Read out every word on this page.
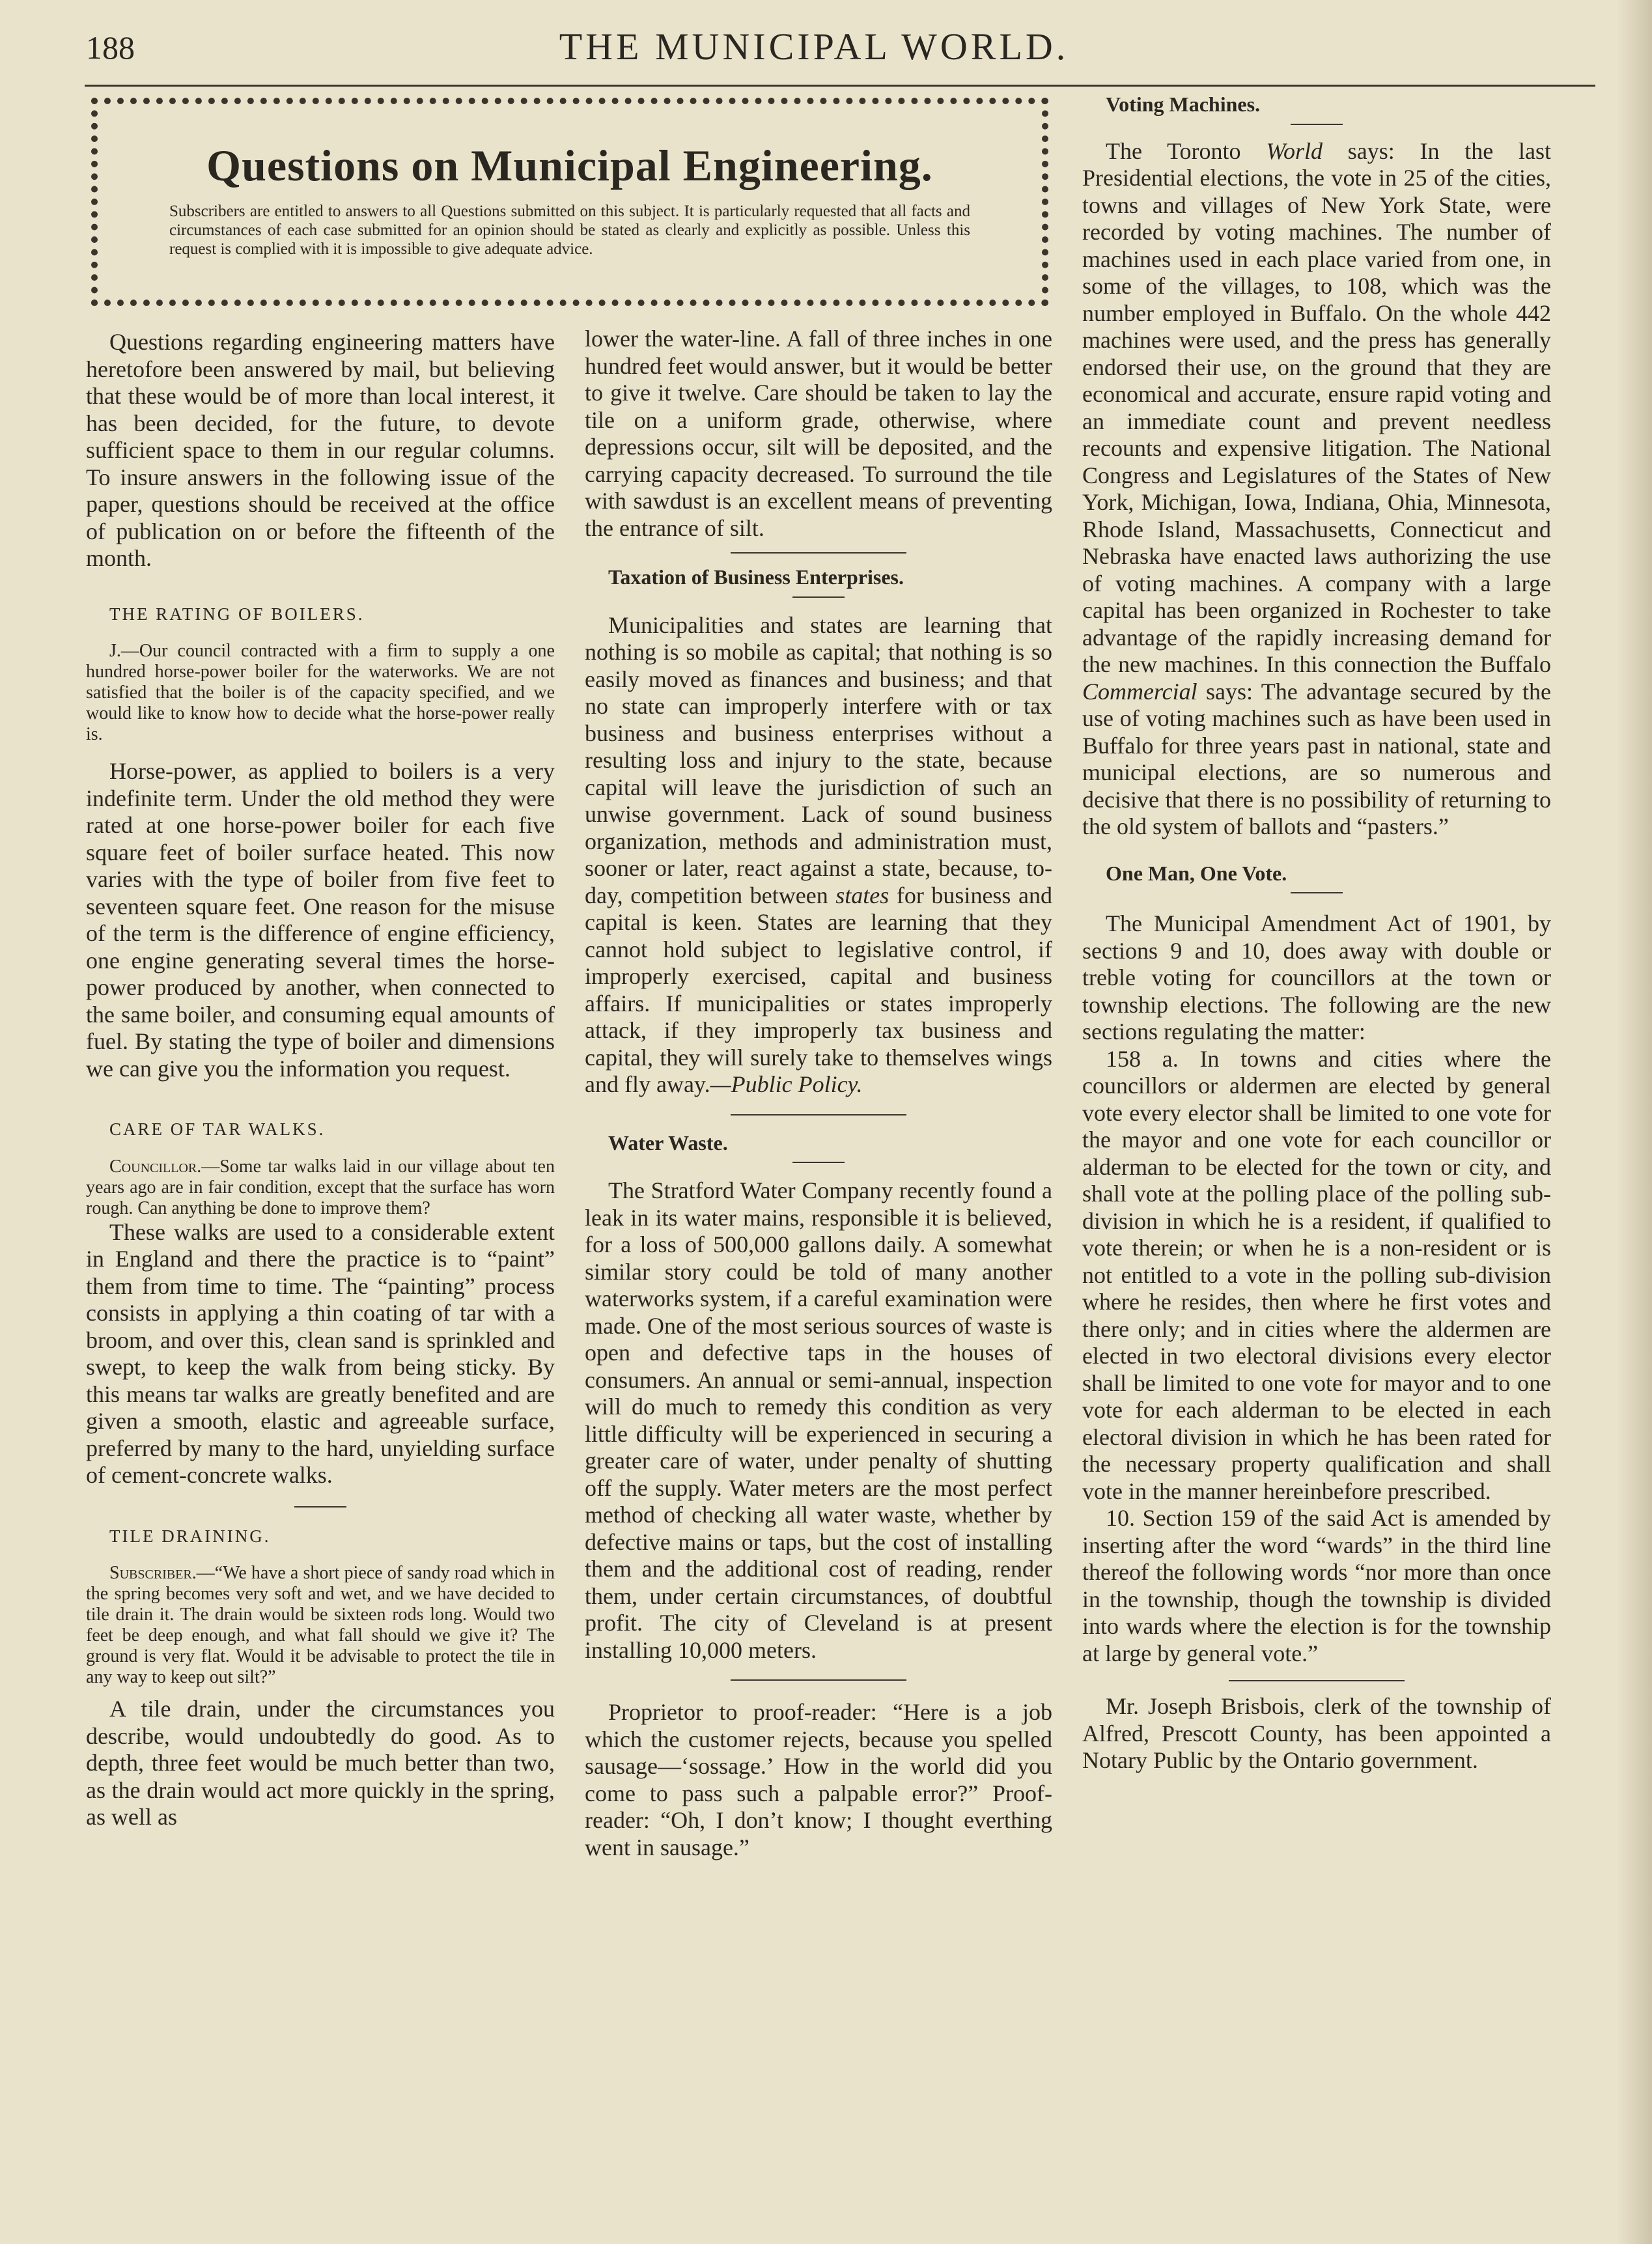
188	THE MUNICIPAL WORLD.
Questions on Municipal Engineering.
Subscribers are entitled to answers to all Questions submitted on this subject. It is particularly requested that all facts and circumstances of each case submitted for an opinion should be stated as clearly and explicitly as possible. Unless this request is complied with it is impossible to give adequate advice.

Questions regarding engineering matters have heretofore been answered by mail, but believing that these would be of more than local interest, it has been decided, for the future, to devote sufficient space to them in our regular columns. To insure answers in the following issue of the paper, questions should be received at the office of publication on or before the fifteenth of the month.

THE RATING OF BOILERS.

J.—Our council contracted with a firm to supply a one hundred horse-power boiler for the waterworks. We are not satisfied that the boiler is of the capacity specified, and we would like to know how to decide what the horse-power really is.

Horse-power, as applied to boilers is a very indefinite term. Under the old method they were rated at one horse-power boiler for each five square feet of boiler surface heated. This now varies with the type of boiler from five feet to seventeen square feet. One reason for the misuse of the term is the difference of engine efficiency, one engine generating several times the horse-power produced by another, when connected to the same boiler, and consuming equal amounts of fuel. By stating the type of boiler and dimensions we can give you the information you request.

CARE OF TAR WALKS.

Councillor.—Some tar walks laid in our village about ten years ago are in fair condition, except that the surface has worn rough. Can anything be done to improve them?

These walks are used to a considerable extent in England and there the practice is to “paint” them from time to time. The “painting” process consists in applying a thin coating of tar with a broom, and over this, clean sand is sprinkled and swept, to keep the walk from being sticky. By this means tar walks are greatly benefited and are given a smooth, elastic and agreeable surface, preferred by many to the hard, unyielding surface of cement-concrete walks.

TILE DRAINING.

Subscriber.—“We have a short piece of sandy road which in the spring becomes very soft and wet, and we have decided to tile drain it. The drain would be sixteen rods long. Would two feet be deep enough, and what fall should we give it? The ground is very flat. Would it be advisable to protect the tile in any way to keep out silt?”

A tile drain, under the circumstances you describe, would undoubtedly do good. As to depth, three feet would be much better than two, as the drain would act more quickly in the spring, as well as

lower the water-line. A fall of three inches in one hundred feet would answer, but it would be better to give it twelve. Care should be taken to lay the tile on a uniform grade, otherwise, where depressions occur, silt will be deposited, and the carrying capacity decreased. To surround the tile with sawdust is an excellent means of preventing the entrance of silt.

Taxation of Business Enterprises.

Municipalities and states are learning that nothing is so mobile as capital; that nothing is so easily moved as finances and business; and that no state can improperly interfere with or tax business and business enterprises without a resulting loss and injury to the state, because capital will leave the jurisdiction of such an unwise government. Lack of sound business organization, methods and administration must, sooner or later, react against a state, because, to-day, competition between states for business and capital is keen. States are learning that they cannot hold subject to legislative control, if improperly exercised, capital and business affairs. If municipalities or states improperly attack, if they improperly tax business and capital, they will surely take to themselves wings and fly away.—Public Policy.

Water Waste.

The Stratford Water Company recently found a leak in its water mains, responsible it is believed, for a loss of 500,000 gallons daily. A somewhat similar story could be told of many another waterworks system, if a careful examination were made. One of the most serious sources of waste is open and defective taps in the houses of consumers. An annual or semi-annual, inspection will do much to remedy this condition as very little difficulty will be experienced in securing a greater care of water, under penalty of shutting off the supply. Water meters are the most perfect method of checking all water waste, whether by defective mains or taps, but the cost of installing them and the additional cost of reading, render them, under certain circumstances, of doubtful profit. The city of Cleveland is at present installing 10,000 meters.

Proprietor to proof-reader: “Here is a job which the customer rejects, because you spelled sausage—‘sossage.’ How in the world did you come to pass such a palpable error?” Proof-reader: “Oh, I don’t know; I thought everthing went in sausage.”

Voting Machines.

The Toronto World says: In the last Presidential elections, the vote in 25 of the cities, towns and villages of New York State, were recorded by voting machines. The number of machines used in each place varied from one, in some of the villages, to 108, which was the number employed in Buffalo. On the whole 442 machines were used, and the press has generally endorsed their use, on the ground that they are economical and accurate, ensure rapid voting and an immediate count and prevent needless recounts and expensive litigation. The National Congress and Legislatures of the States of New York, Michigan, Iowa, Indiana, Ohia, Minnesota, Rhode Island, Massachusetts, Connecticut and Nebraska have enacted laws authorizing the use of voting machines. A company with a large capital has been organized in Rochester to take advantage of the rapidly increasing demand for the new machines. In this connection the Buffalo Commercial says: The advantage secured by the use of voting machines such as have been used in Buffalo for three years past in national, state and municipal elections, are so numerous and decisive that there is no possibility of returning to the old system of ballots and “pasters.”

One Man, One Vote.

The Municipal Amendment Act of 1901, by sections 9 and 10, does away with double or treble voting for councillors at the town or township elections. The following are the new sections regulating the matter:

158 a. In towns and cities where the councillors or aldermen are elected by general vote every elector shall be limited to one vote for the mayor and one vote for each councillor or alderman to be elected for the town or city, and shall vote at the polling place of the polling sub-division in which he is a resident, if qualified to vote therein; or when he is a non-resident or is not entitled to a vote in the polling sub-division where he resides, then where he first votes and there only; and in cities where the aldermen are elected in two electoral divisions every elector shall be limited to one vote for mayor and to one vote for each alderman to be elected in each electoral division in which he has been rated for the necessary property qualification and shall vote in the manner hereinbefore prescribed.

10. Section 159 of the said Act is amended by inserting after the word “wards” in the third line thereof the following words “nor more than once in the township, though the township is divided into wards where the election is for the township at large by general vote.”

Mr. Joseph Brisbois, clerk of the township of Alfred, Prescott County, has been appointed a Notary Public by the Ontario government.
